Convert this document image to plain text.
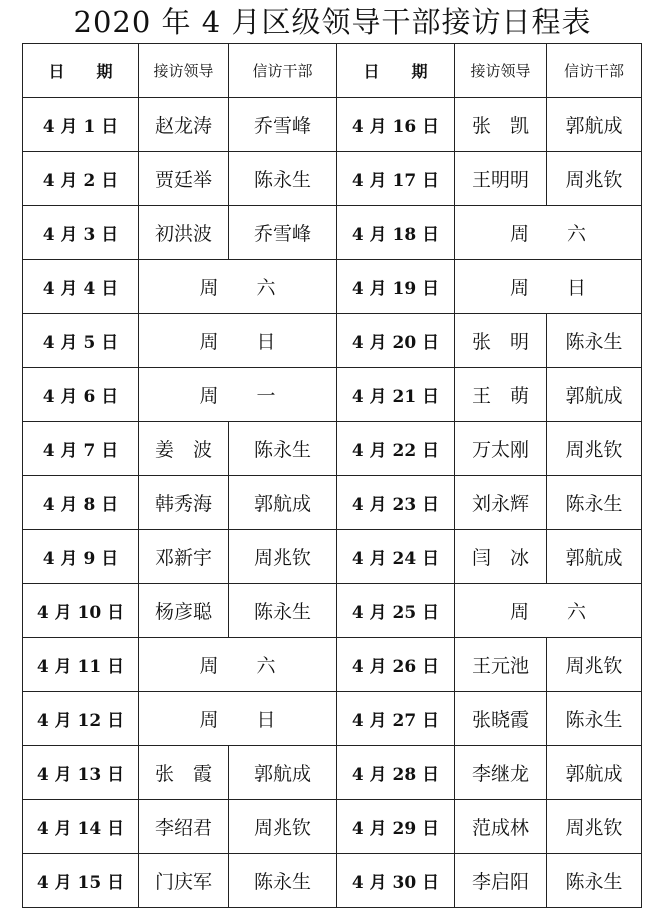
2020 年 4 月区级领导干部接访日程表
日　　期	接访领导	信访干部	日　　期	接访领导	信访干部
4 月 1 日	赵龙涛	乔雪峰	4 月 16 日	张　凯	郭航成
4 月 2 日	贾廷举	陈永生	4 月 17 日	王明明	周兆钦
4 月 3 日	初洪波	乔雪峰	4 月 18 日	周　　六	
4 月 4 日	周　　六		4 月 19 日	周　　日	
4 月 5 日	周　　日		4 月 20 日	张　明	陈永生
4 月 6 日	周　　一		4 月 21 日	王　萌	郭航成
4 月 7 日	姜　波	陈永生	4 月 22 日	万太刚	周兆钦
4 月 8 日	韩秀海	郭航成	4 月 23 日	刘永辉	陈永生
4 月 9 日	邓新宇	周兆钦	4 月 24 日	闫　冰	郭航成
4 月 10 日	杨彦聪	陈永生	4 月 25 日	周　　六	
4 月 11 日	周　　六		4 月 26 日	王元池	周兆钦
4 月 12 日	周　　日		4 月 27 日	张晓霞	陈永生
4 月 13 日	张　霞	郭航成	4 月 28 日	李继龙	郭航成
4 月 14 日	李绍君	周兆钦	4 月 29 日	范成林	周兆钦
4 月 15 日	门庆军	陈永生	4 月 30 日	李启阳	陈永生
